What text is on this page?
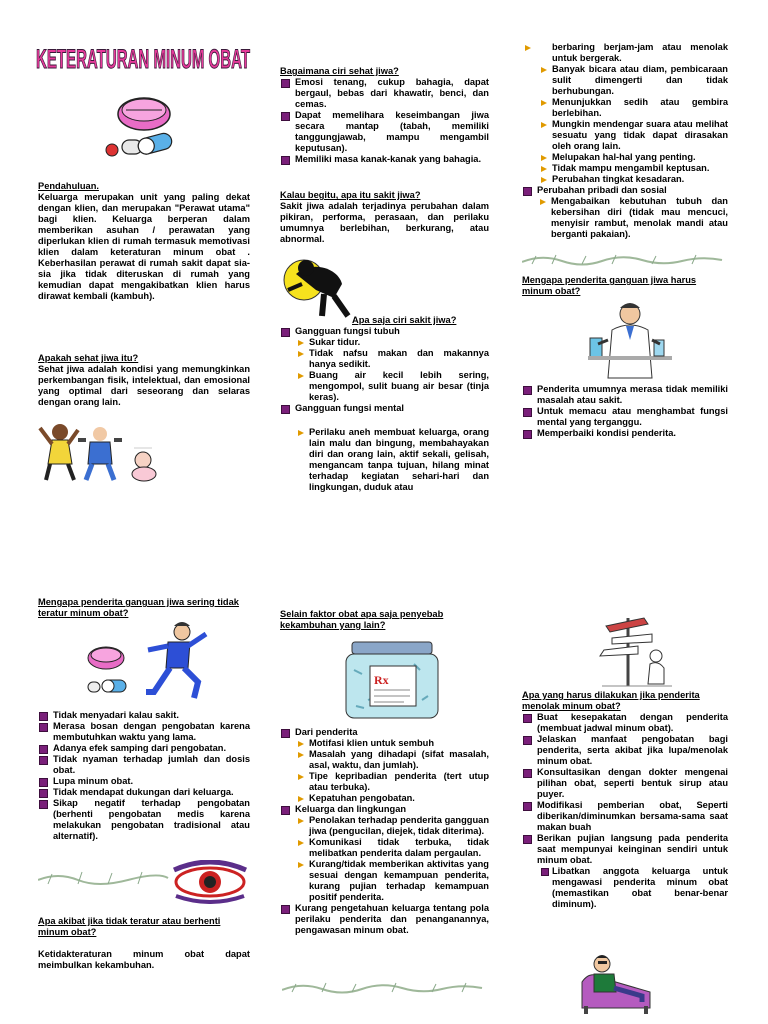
KETERATURAN MINUM OBAT
Pendahuluan.
Keluarga merupakan unit yang paling dekat dengan klien, dan merupakan "Perawat utama" bagi klien. Keluarga berperan dalam memberikan asuhan / perawatan yang diperlukan klien di rumah termasuk memotivasi klien dalam keteraturan minum obat . Keberhasilan perawat di rumah sakit dapat sia-sia jika tidak diteruskan di rumah yang kemudian dapat mengakibatkan klien harus dirawat kembali (kambuh).
Apakah sehat jiwa itu?
Sehat jiwa adalah kondisi yang memungkinkan perkembangan fisik, intelektual, dan emosional yang optimal dari seseorang dan selaras dengan orang lain.
Bagaimana ciri sehat jiwa?
Emosi tenang, cukup bahagia, dapat bergaul, bebas dari khawatir, benci, dan cemas.
Dapat memelihara keseimbangan jiwa secara mantap (tabah, memiliki tanggungjawab, mampu mengambil keputusan).
Memiliki masa kanak-kanak yang bahagia.
Kalau begitu, apa itu sakit jiwa?
Sakit jiwa adalah terjadinya perubahan dalam pikiran, performa, perasaan, dan perilaku umumnya berlebihan, berkurang, atau abnormal.
Apa saja ciri sakit jiwa?
Gangguan fungsi tubuh
Sukar tidur.
Tidak nafsu makan dan makannya hanya sedikit.
Buang air kecil lebih sering, mengompol, sulit buang air besar (tinja keras).
Gangguan fungsi mental
Perilaku aneh membuat keluarga, orang lain malu dan bingung, membahayakan diri dan orang lain, aktif sekali, gelisah, mengancam tanpa tujuan, hilang minat terhadap kegiatan sehari-hari dan lingkungan, duduk atau
berbaring berjam-jam atau menolak untuk bergerak.
Banyak bicara atau diam, pembicaraan sulit dimengerti dan tidak berhubungan.
Menunjukkan sedih atau gembira berlebihan.
Mungkin mendengar suara atau melihat sesuatu yang tidak dapat dirasakan oleh orang lain.
Melupakan hal-hal yang penting.
Tidak mampu mengambil keptusan.
Perubahan tingkat kesadaran.
Perubahan pribadi dan sosial
Mengabaikan kebutuhan tubuh dan kebersihan diri (tidak mau mencuci, menyisir rambut, menolak mandi atau berganti pakaian).
Mengapa penderita ganguan jiwa harus minum obat?
Penderita umumnya merasa tidak memiliki masalah atau sakit.
Untuk memacu atau menghambat fungsi mental yang terganggu.
Memperbaiki kondisi penderita.
Mengapa penderita ganguan jiwa sering tidak teratur minum obat?
Tidak menyadari kalau sakit.
Merasa bosan dengan pengobatan karena membutuhkan waktu yang lama.
Adanya efek samping dari pengobatan.
Tidak nyaman terhadap jumlah dan dosis obat.
Lupa minum obat.
Tidak mendapat dukungan dari keluarga.
Sikap negatif terhadap pengobatan (berhenti pengobatan medis karena melakukan pengobatan tradisional atau alternatif).
Apa akibat jika tidak teratur atau berhenti minum obat?
Ketidakteraturan minum obat dapat meimbulkan kekambuhan.
Selain faktor obat apa saja penyebab kekambuhan yang lain?
Rx
Dari penderita
Motifasi klien untuk sembuh
Masalah yang dihadapi (sifat masalah, asal, waktu, dan jumlah).
Tipe kepribadian penderita (tert utup atau terbuka).
Kepatuhan pengobatan.
Keluarga dan lingkungan
Penolakan terhadap penderita gangguan jiwa (pengucilan, diejek, tidak diterima).
Komunikasi tidak terbuka, tidak melibatkan penderita dalam pergaulan.
Kurang/tidak memberikan aktivitas yang sesuai dengan kemampuan penderita, kurang pujian terhadap kemampuan positif penderita.
Kurang pengetahuan keluarga tentang pola perilaku penderita dan penanganannya, pengawasan minum obat.
Apa yang harus dilakukan jika penderita menolak minum obat?
Buat kesepakatan dengan penderita (membuat jadwal minum obat).
Jelaskan manfaat pengobatan bagi penderita, serta akibat jika lupa/menolak minum obat.
Konsultasikan dengan dokter mengenai pilihan obat, seperti bentuk sirup atau puyer.
Modifikasi pemberian obat, Seperti diberikan/diminumkan bersama-sama saat makan buah
Berikan pujian langsung pada penderita saat mempunyai keinginan sendiri untuk minum obat.
Libatkan anggota keluarga untuk mengawasi penderita minum obat (memastikan obat benar-benar diminum).
